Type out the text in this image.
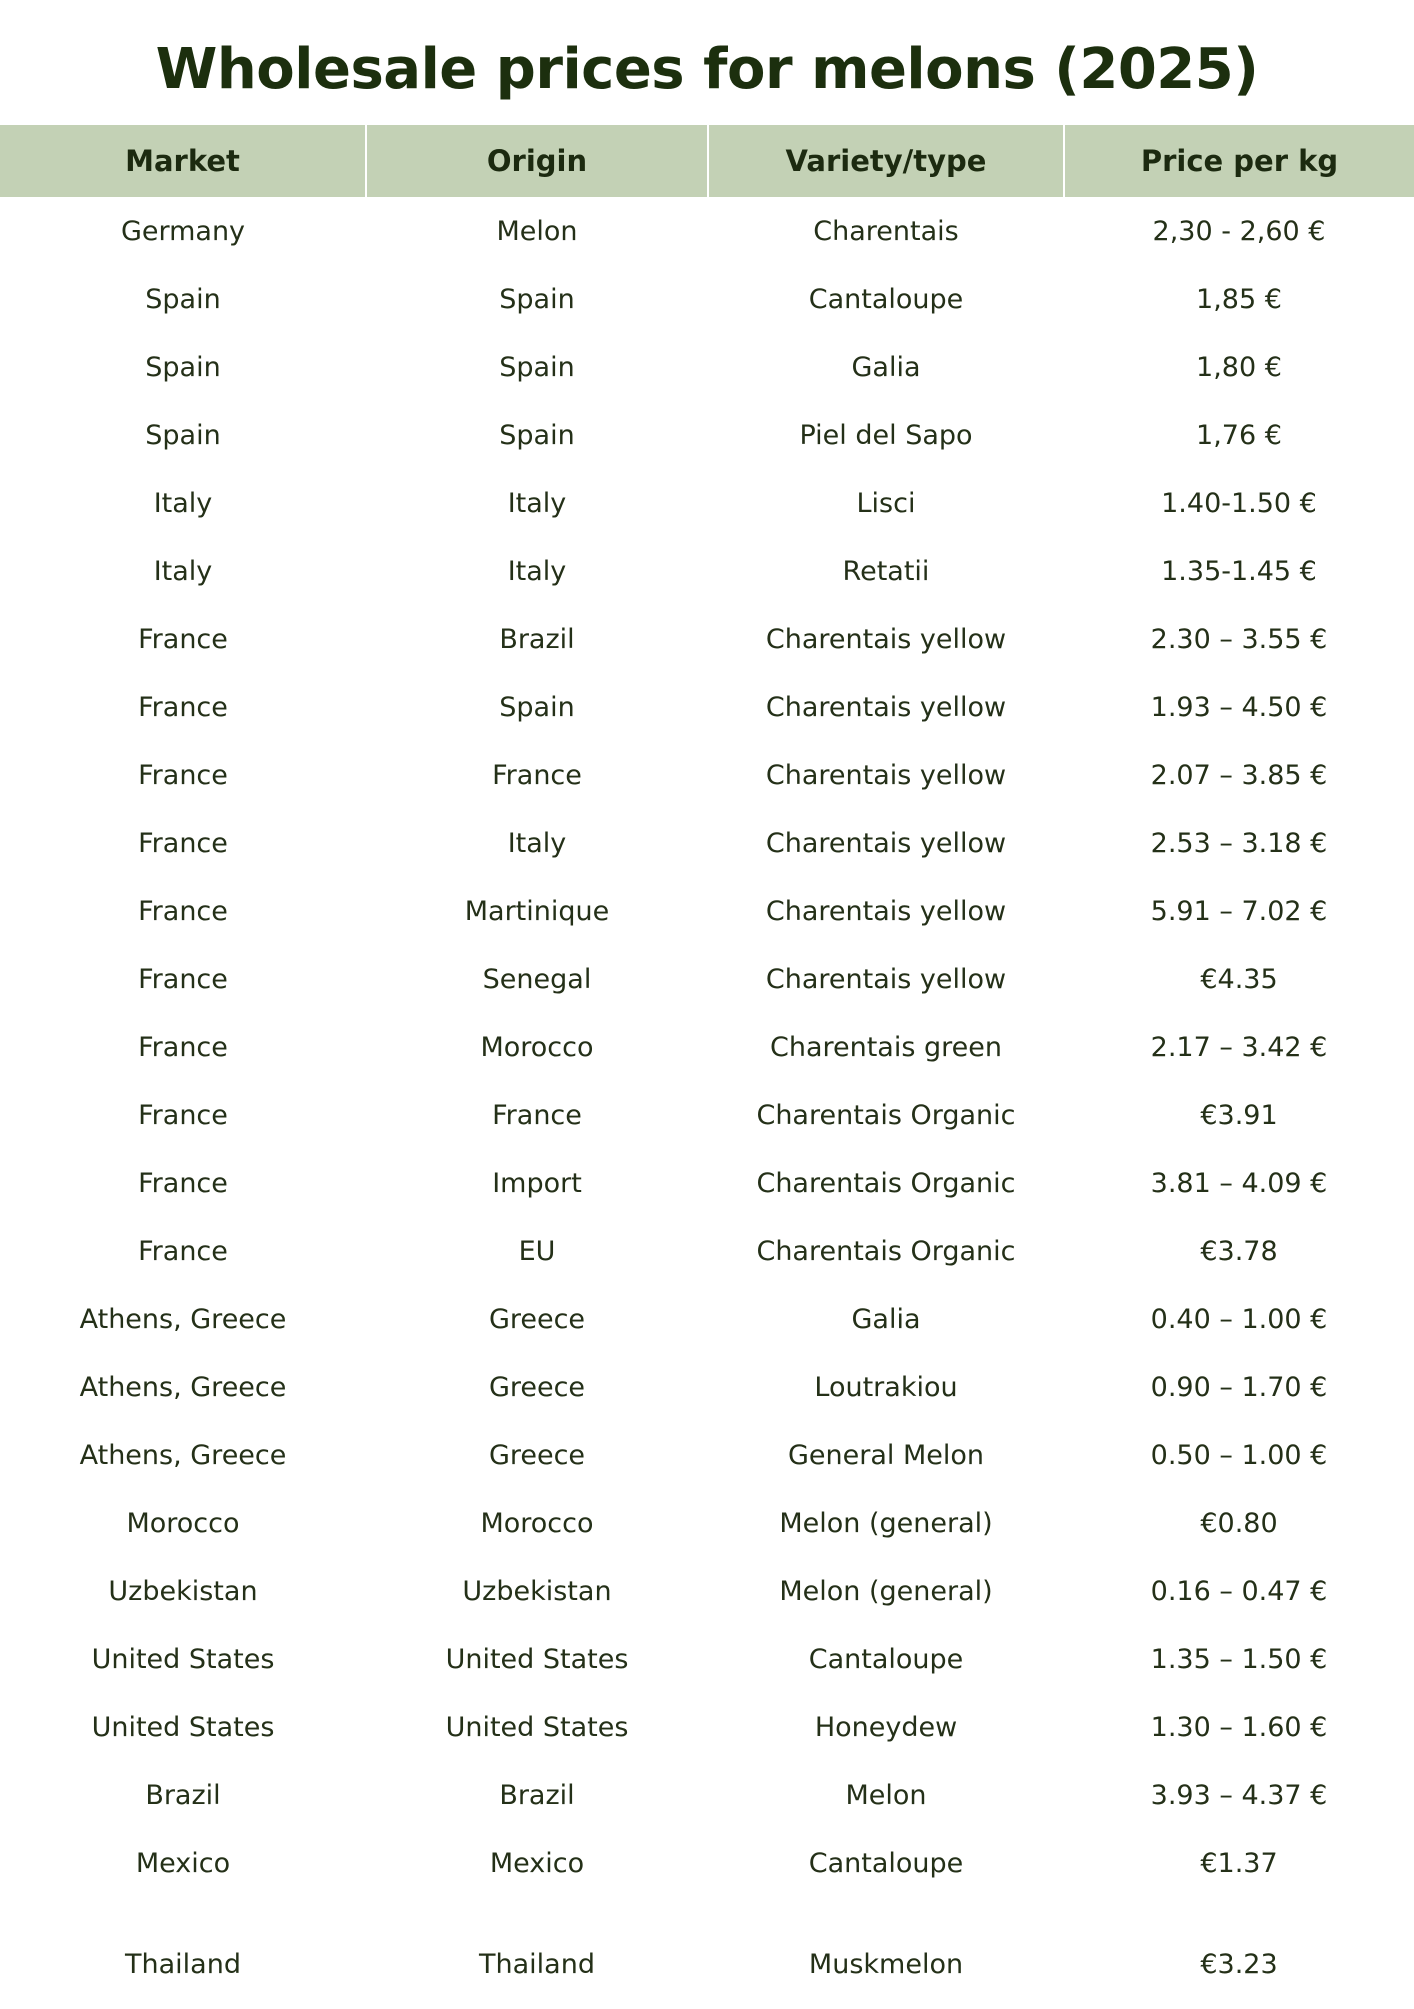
Wholesale prices for melons (2025)
Market	Origin	Variety/type	Price per kg
Germany	Melon	Charentais	2,30 - 2,60 €
Spain	Spain	Cantaloupe	1,85 €
Spain	Spain	Galia	1,80 €
Spain	Spain	Piel del Sapo	1,76 €
Italy	Italy	Lisci	1.40-1.50 €
Italy	Italy	Retatii	1.35-1.45 €
France	Brazil	Charentais yellow	2.30 – 3.55 €
France	Spain	Charentais yellow	1.93 – 4.50 €
France	France	Charentais yellow	2.07 – 3.85 €
France	Italy	Charentais yellow	2.53 – 3.18 €
France	Martinique	Charentais yellow	5.91 – 7.02 €
France	Senegal	Charentais yellow	€4.35
France	Morocco	Charentais green	2.17 – 3.42 €
France	France	Charentais Organic	€3.91
France	Import	Charentais Organic	3.81 – 4.09 €
France	EU	Charentais Organic	€3.78
Athens, Greece	Greece	Galia	0.40 – 1.00 €
Athens, Greece	Greece	Loutrakiou	0.90 – 1.70 €
Athens, Greece	Greece	General Melon	0.50 – 1.00 €
Morocco	Morocco	Melon (general)	€0.80
Uzbekistan	Uzbekistan	Melon (general)	0.16 – 0.47 €
United States	United States	Cantaloupe	1.35 – 1.50 €
United States	United States	Honeydew	1.30 – 1.60 €
Brazil	Brazil	Melon	3.93 – 4.37 €
Mexico	Mexico	Cantaloupe	€1.37
Thailand	Thailand	Muskmelon	€3.23
